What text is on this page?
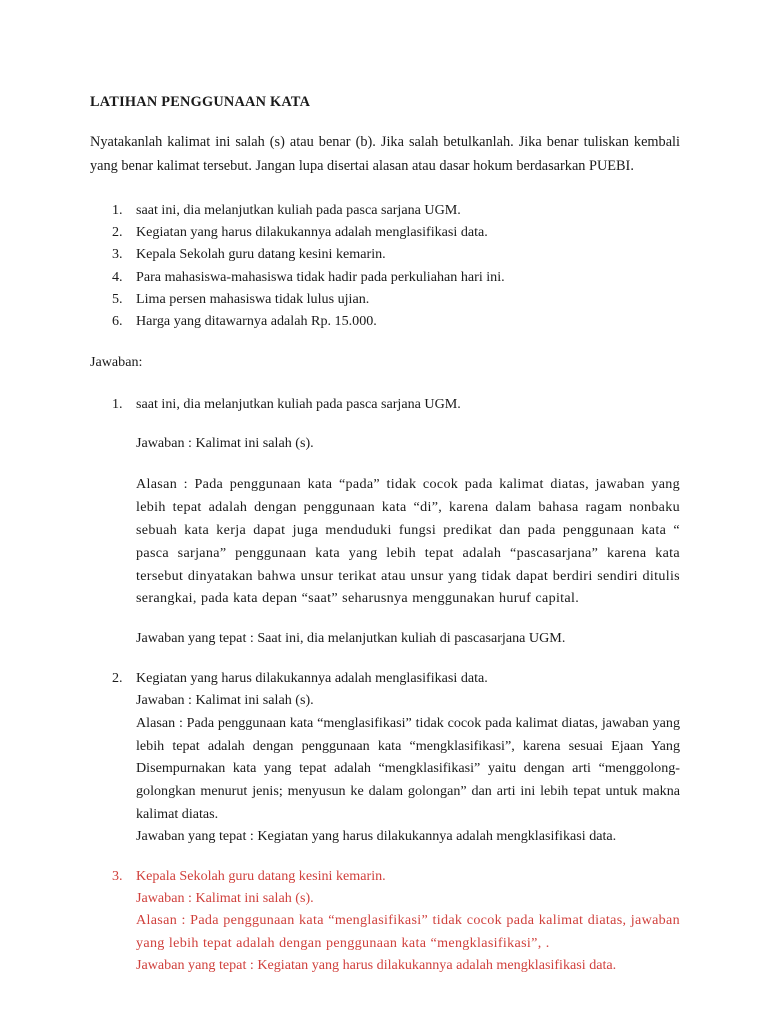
LATIHAN PENGGUNAAN KATA

Nyatakanlah kalimat ini salah (s) atau benar (b). Jika salah betulkanlah. Jika benar tuliskan kembali yang benar kalimat tersebut. Jangan lupa disertai alasan atau dasar hokum berdasarkan PUEBI.

1. saat ini, dia melanjutkan kuliah pada pasca sarjana UGM.
2. Kegiatan yang harus dilakukannya adalah menglasifikasi data.
3. Kepala Sekolah guru datang kesini kemarin.
4. Para mahasiswa-mahasiswa tidak hadir pada perkuliahan hari ini.
5. Lima persen mahasiswa tidak lulus ujian.
6. Harga yang ditawarnya adalah Rp. 15.000.

Jawaban:

1. saat ini, dia melanjutkan kuliah pada pasca sarjana UGM.

Jawaban : Kalimat ini salah (s).

Alasan : Pada penggunaan kata “pada” tidak cocok pada kalimat diatas, jawaban yang lebih tepat adalah dengan penggunaan kata “di”, karena dalam bahasa ragam nonbaku sebuah kata kerja dapat juga menduduki fungsi predikat dan pada penggunaan kata “ pasca sarjana” penggunaan kata yang lebih tepat adalah “pascasarjana” karena kata tersebut dinyatakan bahwa unsur terikat atau unsur yang tidak dapat berdiri sendiri ditulis serangkai, pada kata depan “saat” seharusnya menggunakan huruf capital.

Jawaban yang tepat : Saat ini, dia melanjutkan kuliah di pascasarjana UGM.

2. Kegiatan yang harus dilakukannya adalah menglasifikasi data.

Jawaban : Kalimat ini salah (s).

Alasan : Pada penggunaan kata “menglasifikasi” tidak cocok pada kalimat diatas, jawaban yang lebih tepat adalah dengan penggunaan kata “mengklasifikasi”, karena sesuai Ejaan Yang Disempurnakan kata yang tepat adalah “mengklasifikasi” yaitu dengan arti “menggolong-golongkan menurut jenis; menyusun ke dalam golongan” dan arti ini lebih tepat untuk makna kalimat diatas.

Jawaban yang tepat : Kegiatan yang harus dilakukannya adalah mengklasifikasi data.

3. Kepala Sekolah guru datang kesini kemarin.

Jawaban : Kalimat ini salah (s).

Alasan : Pada penggunaan kata “menglasifikasi” tidak cocok pada kalimat diatas, jawaban yang lebih tepat adalah dengan penggunaan kata “mengklasifikasi”, .

Jawaban yang tepat : Kegiatan yang harus dilakukannya adalah mengklasifikasi data.
